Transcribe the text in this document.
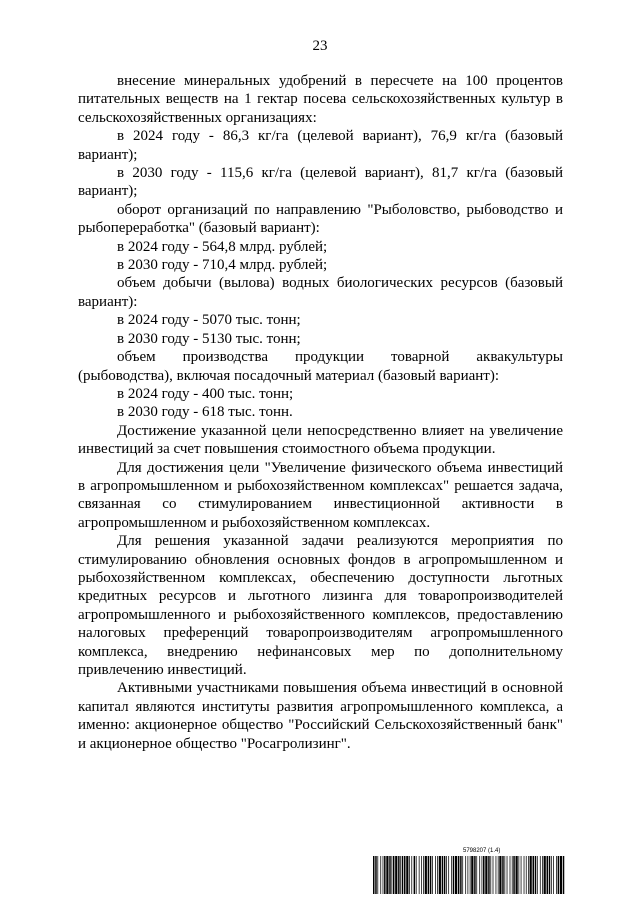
23

внесение минеральных удобрений в пересчете на 100 процентов питательных веществ на 1 гектар посева сельскохозяйственных культур в сельскохозяйственных организациях:

в 2024 году - 86,3 кг/га (целевой вариант), 76,9 кг/га (базовый вариант);

в 2030 году - 115,6 кг/га (целевой вариант), 81,7 кг/га (базовый вариант);

оборот организаций по направлению "Рыболовство, рыбоводство и рыбопереработка" (базовый вариант):

в 2024 году - 564,8 млрд. рублей;

в 2030 году - 710,4 млрд. рублей;

объем добычи (вылова) водных биологических ресурсов (базовый вариант):

в 2024 году - 5070 тыс. тонн;

в 2030 году - 5130 тыс. тонн;

объем производства продукции товарной аквакультуры (рыбоводства), включая посадочный материал (базовый вариант):

в 2024 году - 400 тыс. тонн;

в 2030 году - 618 тыс. тонн.

Достижение указанной цели непосредственно влияет на увеличение инвестиций за счет повышения стоимостного объема продукции.

Для достижения цели "Увеличение физического объема инвестиций в агропромышленном и рыбохозяйственном комплексах" решается задача, связанная со стимулированием инвестиционной активности в агропромышленном и рыбохозяйственном комплексах.

Для решения указанной задачи реализуются мероприятия по стимулированию обновления основных фондов в агропромышленном и рыбохозяйственном комплексах, обеспечению доступности льготных кредитных ресурсов и льготного лизинга для товаропроизводителей агропромышленного и рыбохозяйственного комплексов, предоставлению налоговых преференций товаропроизводителям агропромышленного комплекса, внедрению нефинансовых мер по дополнительному привлечению инвестиций.

Активными участниками повышения объема инвестиций в основной капитал являются институты развития агропромышленного комплекса, а именно: акционерное общество "Российский Сельскохозяйственный банк" и акционерное общество "Росагролизинг".

5798207 (1.4)
